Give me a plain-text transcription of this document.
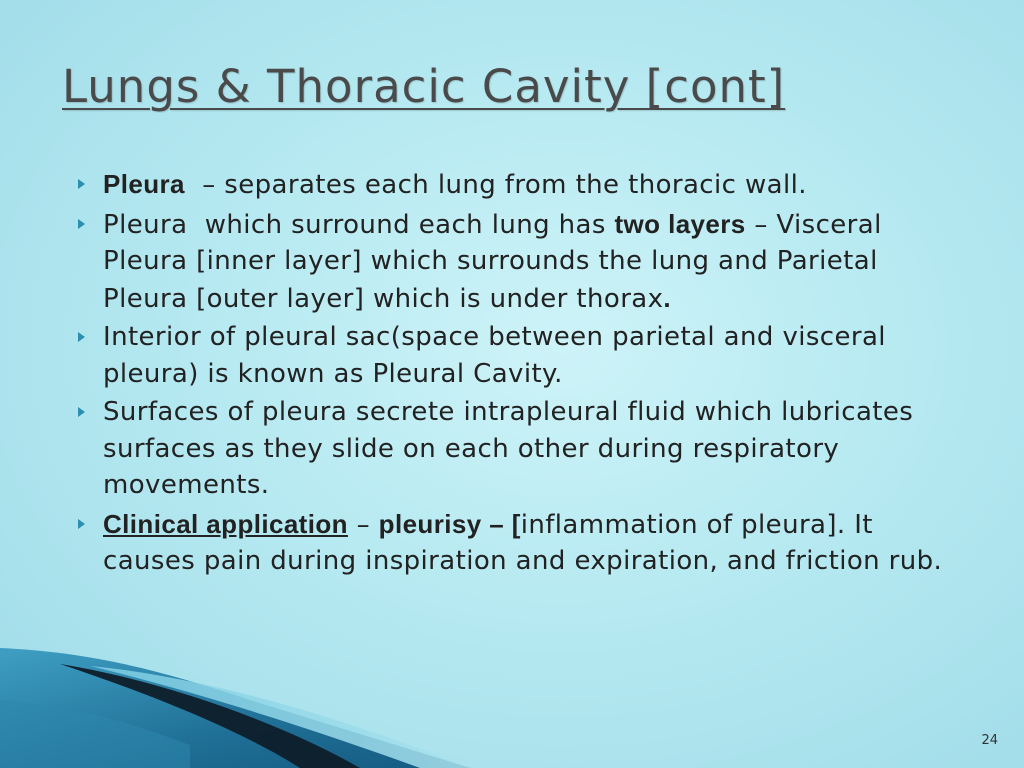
Lungs & Thoracic Cavity [cont]
Pleura  – separates each lung from the thoracic wall.
Pleura  which surround each lung has two layers – Visceral Pleura [inner layer] which surrounds the lung and Parietal Pleura [outer layer] which is under thorax.
Interior of pleural sac(space between parietal and visceral pleura) is known as Pleural Cavity.
Surfaces of pleura secrete intrapleural fluid which lubricates surfaces as they slide on each other during respiratory movements.
Clinical application – pleurisy – [inflammation of pleura]. It causes pain during inspiration and expiration, and friction rub.
24
